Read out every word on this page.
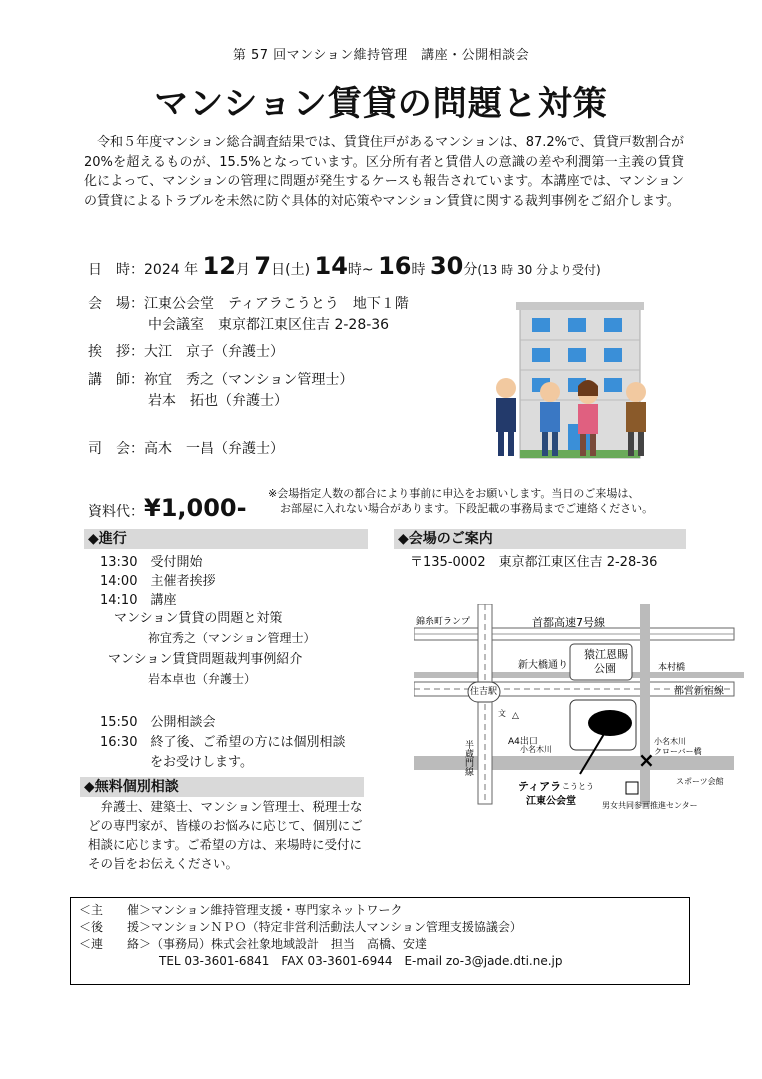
第 57 回マンション維持管理　講座・公開相談会
マンション賃貸の問題と対策

令和５年度マンション総合調査結果では、賃貸住戸があるマンションは、87.2%で、賃貸戸数割合が 20%を超えるものが、15.5%となっています。区分所有者と賃借人の意識の差や利潤第一主義の賃貸化によって、マンションの管理に問題が発生するケースも報告されています。本講座では、マンションの賃貸によるトラブルを未然に防ぐ具体的対応策やマンション賃貸に関する裁判事例をご紹介します。

日　時：2024 年 12月 7日(土) 14時~ 16時 30分(13 時 30 分より受付)
会　場：江東公会堂　ティアラこうとう　地下１階
中会議室　東京都江東区住吉 2-28-36
挨　拶：大江　京子（弁護士）
講　師：祢宜　秀之（マンション管理士）
岩本　拓也（弁護士）
司　会：高木　一昌（弁護士）
資料代：¥1,000-
※会場指定人数の都合により事前に申込をお願いします。当日のご来場は、
お部屋に入れない場合があります。下段記載の事務局までご連絡ください。
◆進行
13:30　 受付開始
14:00　 主催者挨拶
14:10　 講座
マンション賃貸の問題と対策
祢宜秀之（マンション管理士）
マンション賃貸問題裁判事例紹介
岩本卓也（弁護士）
15:50　 公開相談会
16:30　 終了後、ご希望の方には個別相談
をお受けします。
◆無料個別相談
弁護士、建築士、マンション管理士、税理士などの専門家が、皆様のお悩みに応じて、個別にご相談に応じます。ご希望の方は、来場時に受付にその旨をお伝えください。
◆会場のご案内
〒135-0002　東京都江東区住吉 2-28-36
×
錦糸町ランプ	首都高速7号線
猿江恩賜
公園
新大橋通り	本村橋
都営新宿線
住吉駅
文 △
A4出口
半蔵門線	小名木川
小名木川
クローバー橋
スポーツ会館
ティアラ こうとう
江東公会堂	男女共同参画推進センター
＜主　　催＞マンション維持管理支援・専門家ネットワーク
＜後　　援＞マンションＮＰＯ（特定非営利活動法人マンション管理支援協議会）
＜連　　絡＞（事務局）株式会社象地域設計　担当　高橋、安達
TEL 03-3601-6841　FAX 03-3601-6944　E-mail zo-3@jade.dti.ne.jp
